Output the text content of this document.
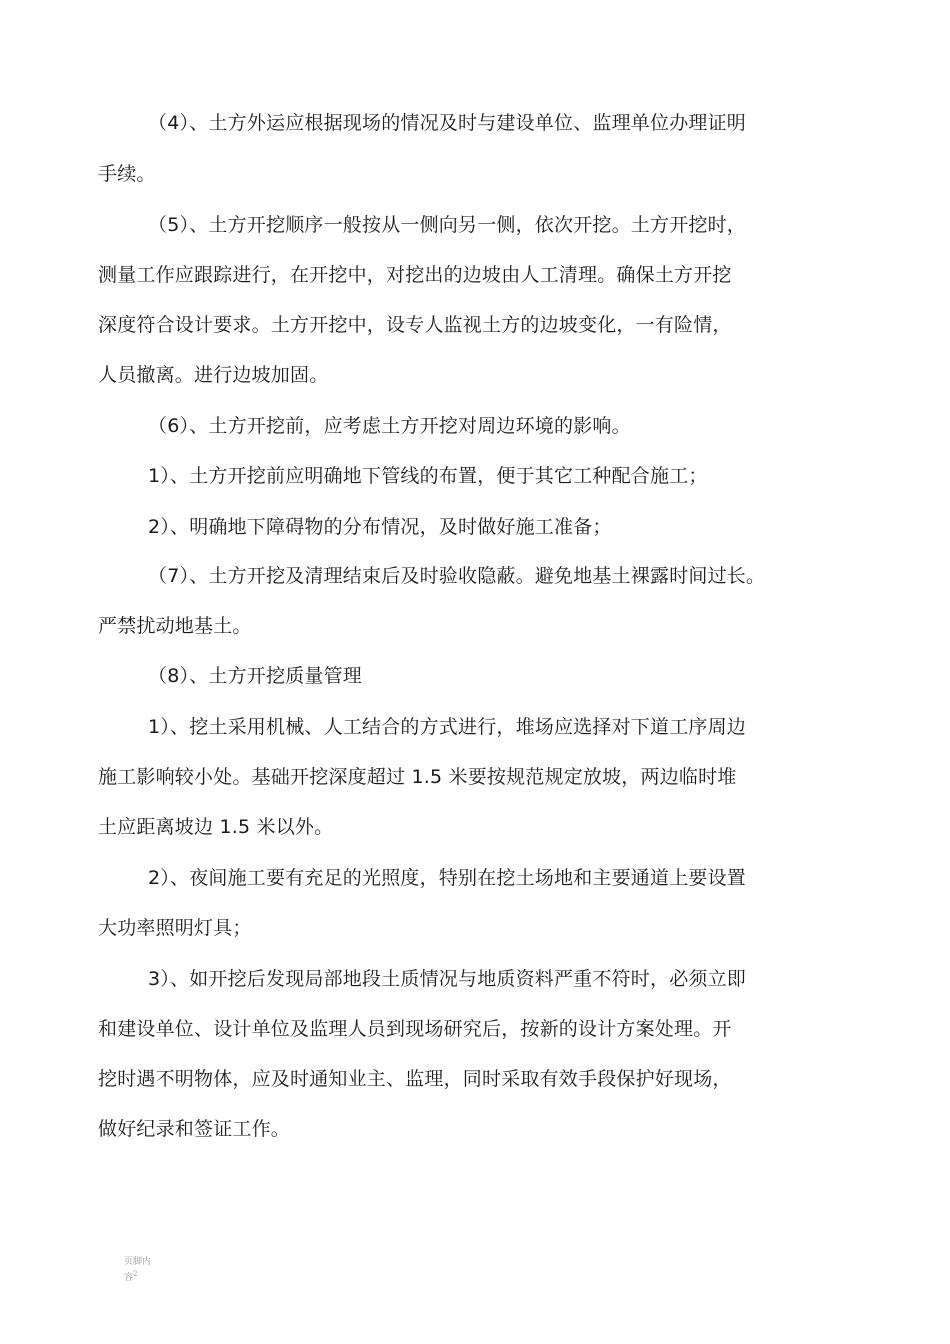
（4）、土方外运应根据现场的情况及时与建设单位、监理单位办理证明
手续。
（5）、土方开挖顺序一般按从一侧向另一侧，依次开挖。土方开挖时，
测量工作应跟踪进行，在开挖中，对挖出的边坡由人工清理。确保土方开挖
深度符合设计要求。土方开挖中，设专人监视土方的边坡变化，一有险情，
人员撤离。进行边坡加固。
（6）、土方开挖前，应考虑土方开挖对周边环境的影响。
1）、土方开挖前应明确地下管线的布置，便于其它工种配合施工；
2）、明确地下障碍物的分布情况，及时做好施工准备；
（7）、土方开挖及清理结束后及时验收隐蔽。避免地基土裸露时间过长。
严禁扰动地基土。
（8）、土方开挖质量管理
1）、挖土采用机械、人工结合的方式进行，堆场应选择对下道工序周边
施工影响较小处。基础开挖深度超过 1.5 米要按规范规定放坡，两边临时堆
土应距离坡边 1.5 米以外。
2）、夜间施工要有充足的光照度，特别在挖土场地和主要通道上要设置
大功率照明灯具；
3）、如开挖后发现局部地段土质情况与地质资料严重不符时，必须立即
和建设单位、设计单位及监理人员到现场研究后，按新的设计方案处理。开
挖时遇不明物体，应及时通知业主、监理，同时采取有效手段保护好现场，
做好纪录和签证工作。
页脚内
容$^2$
